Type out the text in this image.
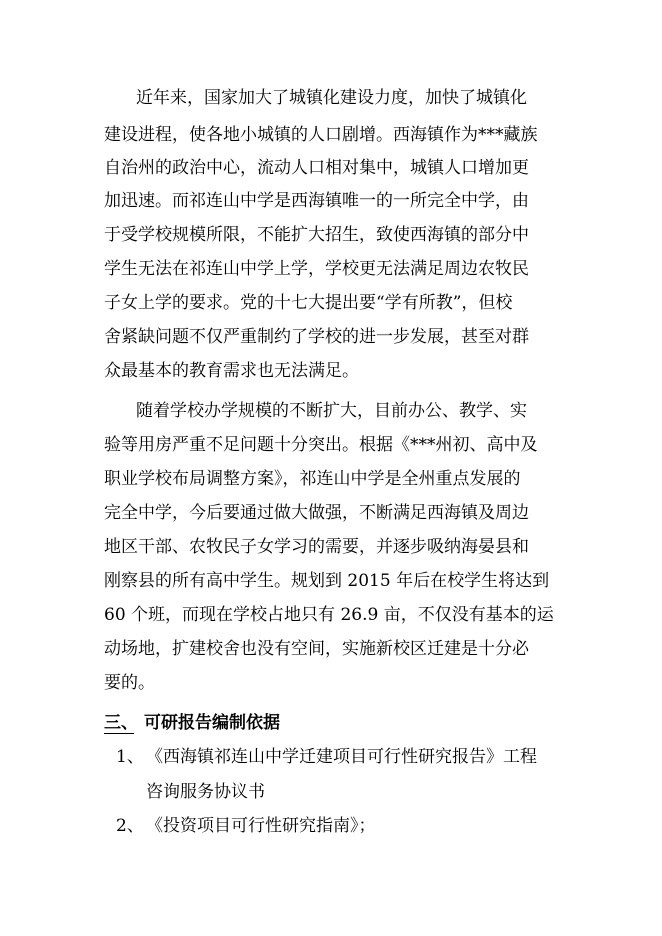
近年来，国家加大了城镇化建设力度，加快了城镇化
建设进程，使各地小城镇的人口剧增。西海镇作为***藏族
自治州的政治中心，流动人口相对集中，城镇人口增加更
加迅速。而祁连山中学是西海镇唯一的一所完全中学，由
于受学校规模所限，不能扩大招生，致使西海镇的部分中
学生无法在祁连山中学上学，学校更无法满足周边农牧民
子女上学的要求。党的十七大提出要“学有所教”，但校
舍紧缺问题不仅严重制约了学校的进一步发展，甚至对群
众最基本的教育需求也无法满足。
随着学校办学规模的不断扩大，目前办公、教学、实
验等用房严重不足问题十分突出。根据《***州初、高中及
职业学校布局调整方案》，祁连山中学是全州重点发展的
完全中学，今后要通过做大做强，不断满足西海镇及周边
地区干部、农牧民子女学习的需要，并逐步吸纳海晏县和
刚察县的所有高中学生。规划到 2015 年后在校学生将达到
60 个班，而现在学校占地只有 26.9 亩，不仅没有基本的运
动场地，扩建校舍也没有空间，实施新校区迁建是十分必
要的。
三、 可研报告编制依据
1、 《西海镇祁连山中学迁建项目可行性研究报告》工程
咨询服务协议书
2、 《投资项目可行性研究指南》；
